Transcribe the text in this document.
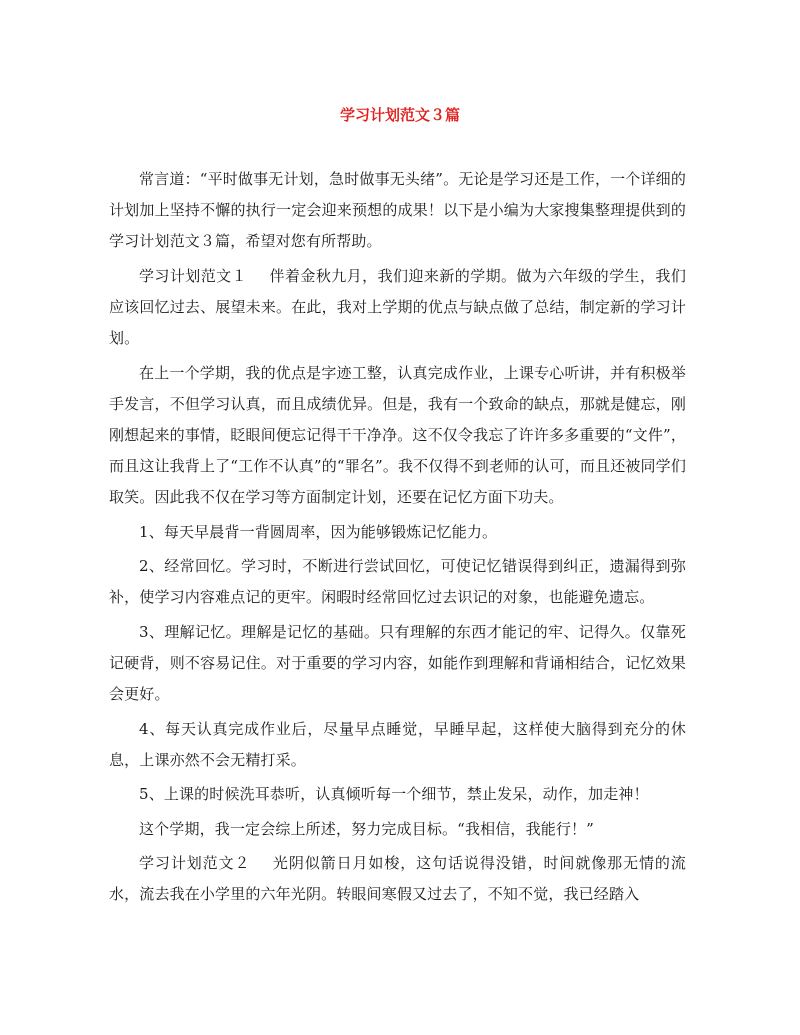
学习计划范文３篇

常言道：“平时做事无计划，急时做事无头绪”。无论是学习还是工作，一个详细的计划加上坚持不懈的执行一定会迎来预想的成果！以下是小编为大家搜集整理提供到的学习计划范文３篇，希望对您有所帮助。

学习计划范文１ 伴着金秋九月，我们迎来新的学期。做为六年级的学生，我们应该回忆过去、展望未来。在此，我对上学期的优点与缺点做了总结，制定新的学习计划。

在上一个学期，我的优点是字迹工整，认真完成作业，上课专心听讲，并有积极举手发言，不但学习认真，而且成绩优异。但是，我有一个致命的缺点，那就是健忘，刚刚想起来的事情，眨眼间便忘记得干干净净。这不仅令我忘了许许多多重要的“文件”，而且这让我背上了“工作不认真”的“罪名”。我不仅得不到老师的认可，而且还被同学们取笑。因此我不仅在学习等方面制定计划，还要在记忆方面下功夫。

1、每天早晨背一背圆周率，因为能够锻炼记忆能力。

2、经常回忆。学习时，不断进行尝试回忆，可使记忆错误得到纠正，遗漏得到弥补，使学习内容难点记的更牢。闲暇时经常回忆过去识记的对象，也能避免遗忘。

3、理解记忆。理解是记忆的基础。只有理解的东西才能记的牢、记得久。仅靠死记硬背，则不容易记住。对于重要的学习内容，如能作到理解和背诵相结合，记忆效果会更好。

4、每天认真完成作业后，尽量早点睡觉，早睡早起，这样使大脑得到充分的休息，上课亦然不会无精打采。

5、上课的时候洗耳恭听，认真倾听每一个细节，禁止发呆，动作，加走神！

这个学期，我一定会综上所述，努力完成目标。“我相信，我能行！”

学习计划范文２ 光阴似箭日月如梭，这句话说得没错，时间就像那无情的流水，流去我在小学里的六年光阴。转眼间寒假又过去了，不知不觉，我已经踏入
